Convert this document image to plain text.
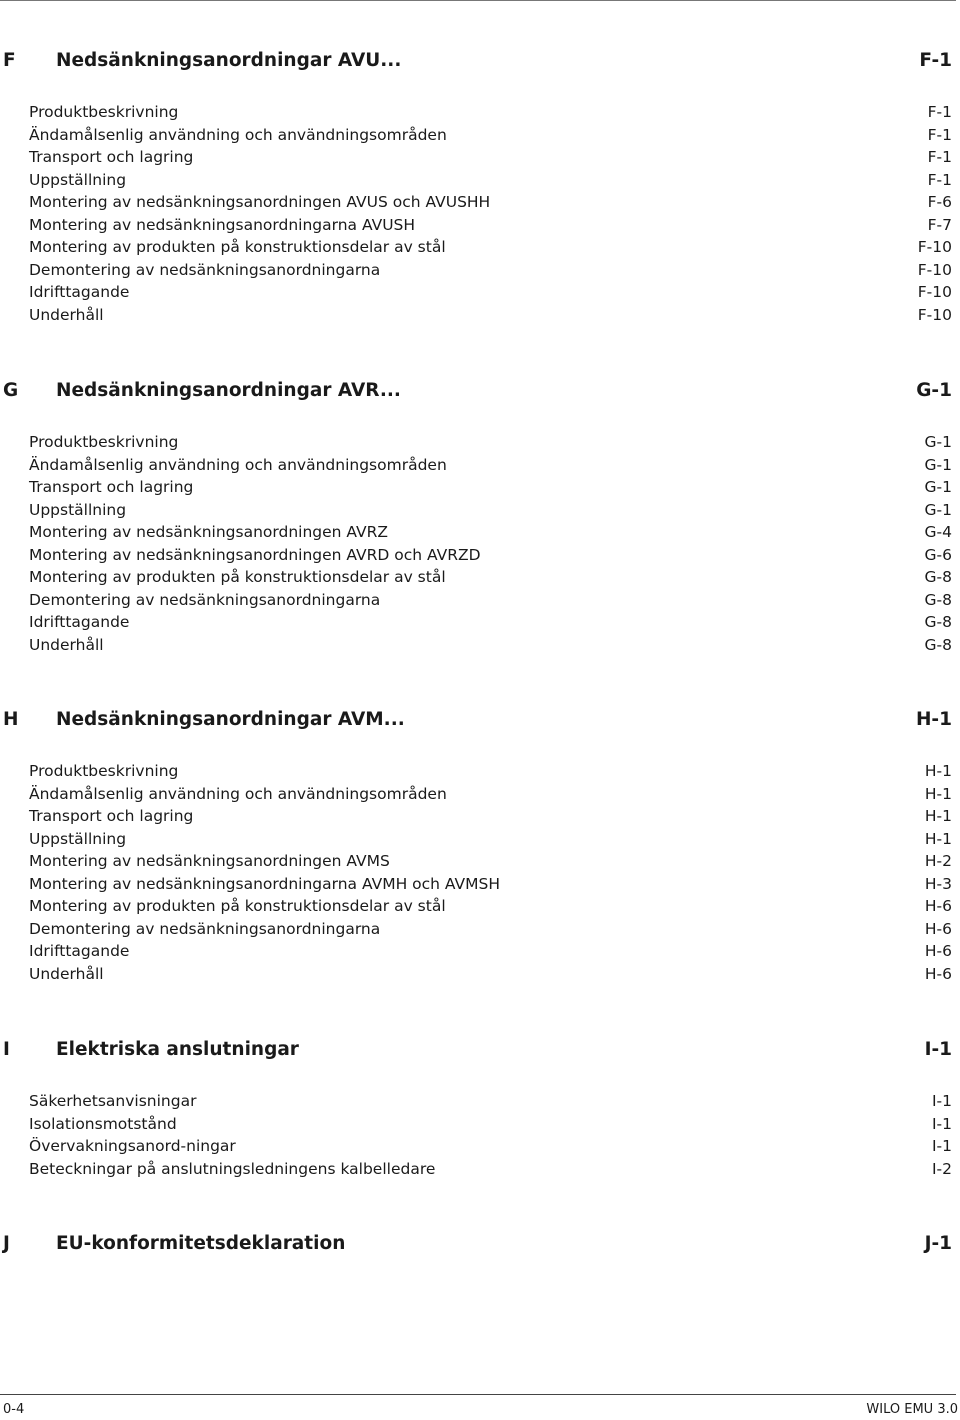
F Nedsänkningsanordningar AVU...	F-1
Produktbeskrivning	F-1
Ändamålsenlig användning och användningsområden	F-1
Transport och lagring	F-1
Uppställning	F-1
Montering av nedsänkningsanordningen AVUS och AVUSHH	F-6
Montering av nedsänkningsanordningarna AVUSH	F-7
Montering av produkten på konstruktionsdelar av stål	F-10
Demontering av nedsänkningsanordningarna	F-10
Idrifttagande	F-10
Underhåll	F-10
G Nedsänkningsanordningar AVR...	G-1
Produktbeskrivning	G-1
Ändamålsenlig användning och användningsområden	G-1
Transport och lagring	G-1
Uppställning	G-1
Montering av nedsänkningsanordningen AVRZ	G-4
Montering av nedsänkningsanordningen AVRD och AVRZD	G-6
Montering av produkten på konstruktionsdelar av stål	G-8
Demontering av nedsänkningsanordningarna	G-8
Idrifttagande	G-8
Underhåll	G-8
H Nedsänkningsanordningar AVM...	H-1
Produktbeskrivning	H-1
Ändamålsenlig användning och användningsområden	H-1
Transport och lagring	H-1
Uppställning	H-1
Montering av nedsänkningsanordningen AVMS	H-2
Montering av nedsänkningsanordningarna AVMH och AVMSH	H-3
Montering av produkten på konstruktionsdelar av stål	H-6
Demontering av nedsänkningsanordningarna	H-6
Idrifttagande	H-6
Underhåll	H-6
I Elektriska anslutningar	I-1
Säkerhetsanvisningar	I-1
Isolationsmotstånd	I-1
Övervakningsanord-ningar	I-1
Beteckningar på anslutningsledningens kalbelledare	I-2
J EU-konformitetsdeklaration	J-1
0-4	WILO EMU 3.0
